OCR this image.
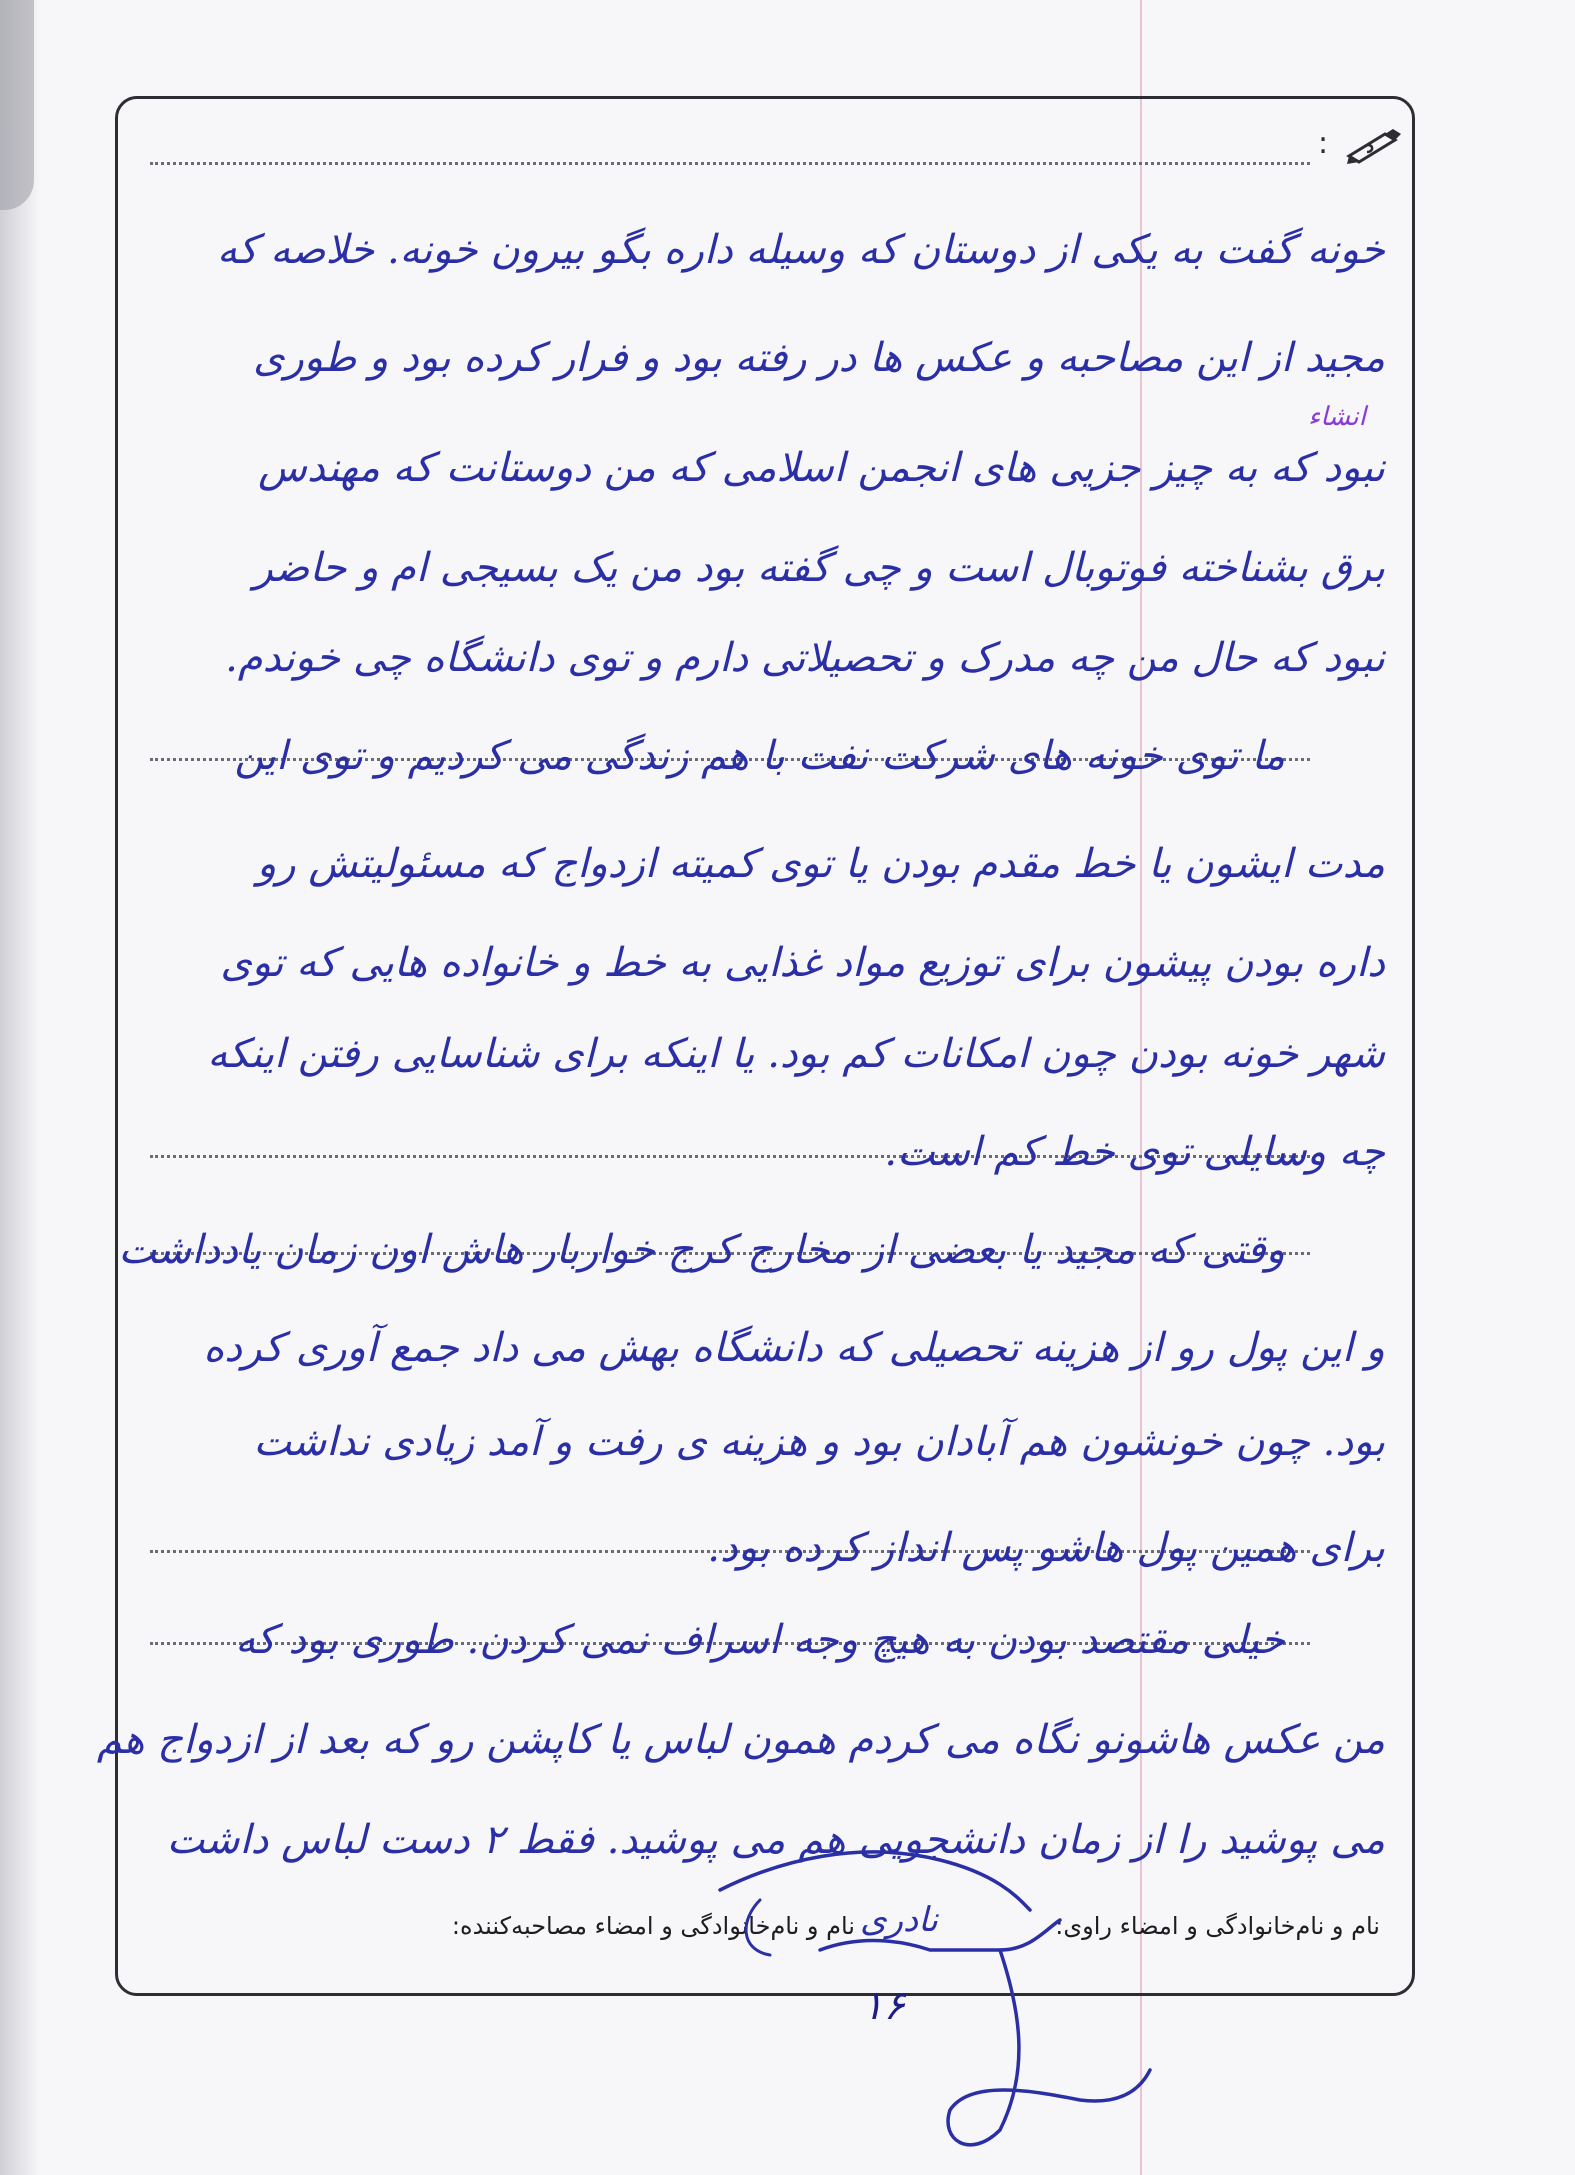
:
خونه گفت به یکی از دوستان که وسیله داره بگو بیرون خونه. خلاصه که
مجید از این مصاحبه و عکس ها در رفته بود و فرار کرده بود و طوری
انشاء
نبود که به چیز جزیی های انجمن اسلامی که من دوستانت که مهندس
برق بشناخته فوتوبال است و چی گفته بود من یک بسیجی ام و حاضر
نبود که حال من چه مدرک و تحصیلاتی دارم و توی دانشگاه چی خوندم.
ما توی خونه های شرکت نفت با هم زندگی می کردیم و توی این
مدت ایشون یا خط مقدم بودن یا توی کمیته ازدواج که مسئولیتش رو
داره بودن پیشون برای توزیع مواد غذایی به خط و خانواده هایی که توی
شهر خونه بودن چون امکانات کم بود. یا اینکه برای شناسایی رفتن اینکه
چه وسایلی توی خط کم است.
وقتی که مجید یا بعضی از مخارج کرج خواربار هاش اون زمان یادداشت
و این پول رو از هزینه تحصیلی که دانشگاه بهش می داد جمع آوری کرده
بود. چون خونشون هم آبادان بود و هزینه ی رفت و آمد زیادی نداشت
برای همین پول هاشو پس انداز کرده بود.
خیلی مقتصد بودن به هیچ وجه اسراف نمی کردن. طوری بود که
من عکس هاشونو نگاه می کردم همون لباس یا کاپشن رو که بعد از ازدواج هم
می پوشید را از زمان دانشجویی هم می پوشید. فقط ۲ دست لباس داشت
نام و نام‌خانوادگی و امضاء راوی:
نام و نام‌خانوادگی و امضاء مصاحبه‌کننده: نادری
۱۶
